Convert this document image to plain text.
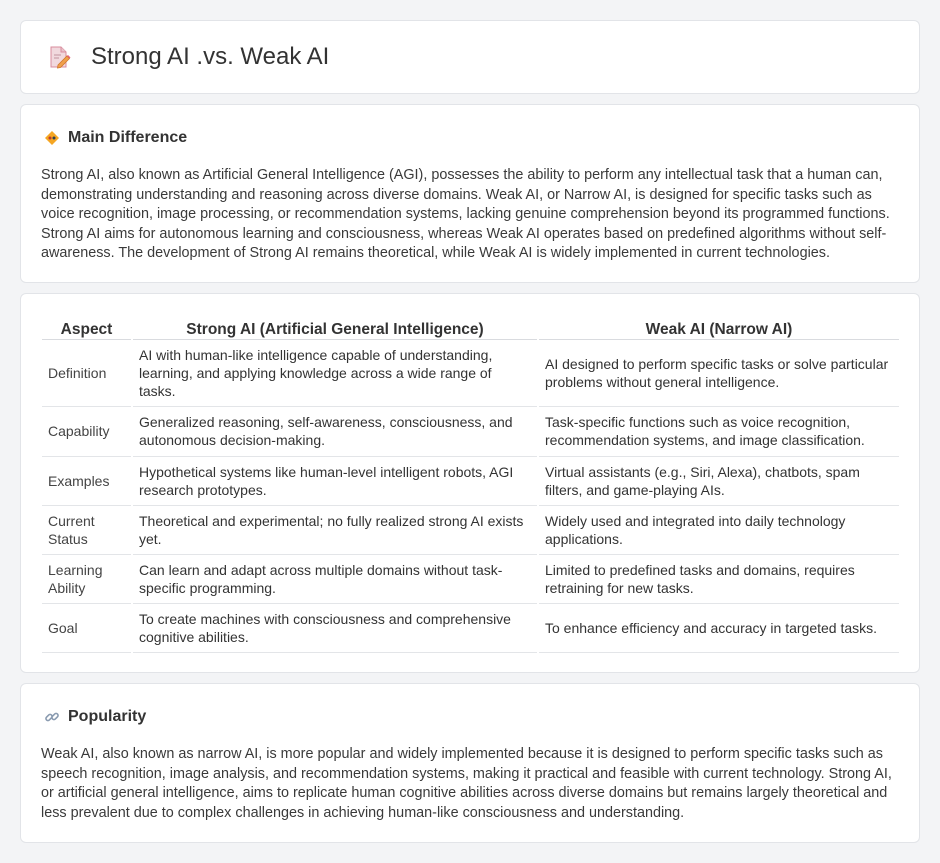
Strong AI .vs. Weak AI
Main Difference

Strong AI, also known as Artificial General Intelligence (AGI), possesses the ability to perform any intellectual task that a human can, demonstrating understanding and reasoning across diverse domains. Weak AI, or Narrow AI, is designed for specific tasks such as voice recognition, image processing, or recommendation systems, lacking genuine comprehension beyond its programmed functions. Strong AI aims for autonomous learning and consciousness, whereas Weak AI operates based on predefined algorithms without self-awareness. The development of Strong AI remains theoretical, while Weak AI is widely implemented in current technologies.

Aspect	Strong AI (Artificial General Intelligence)	Weak AI (Narrow AI)
Definition	AI with human-like intelligence capable of understanding, learning, and applying knowledge across a wide range of tasks.	AI designed to perform specific tasks or solve particular problems without general intelligence.
Capability	Generalized reasoning, self-awareness, consciousness, and autonomous decision-making.	Task-specific functions such as voice recognition, recommendation systems, and image classification.
Examples	Hypothetical systems like human-level intelligent robots, AGI research prototypes.	Virtual assistants (e.g., Siri, Alexa), chatbots, spam filters, and game-playing AIs.
Current Status	Theoretical and experimental; no fully realized strong AI exists yet.	Widely used and integrated into daily technology applications.
Learning Ability	Can learn and adapt across multiple domains without task-specific programming.	Limited to predefined tasks and domains, requires retraining for new tasks.
Goal	To create machines with consciousness and comprehensive cognitive abilities.	To enhance efficiency and accuracy in targeted tasks.
Popularity

Weak AI, also known as narrow AI, is more popular and widely implemented because it is designed to perform specific tasks such as speech recognition, image analysis, and recommendation systems, making it practical and feasible with current technology. Strong AI, or artificial general intelligence, aims to replicate human cognitive abilities across diverse domains but remains largely theoretical and less prevalent due to complex challenges in achieving human-like consciousness and understanding.
